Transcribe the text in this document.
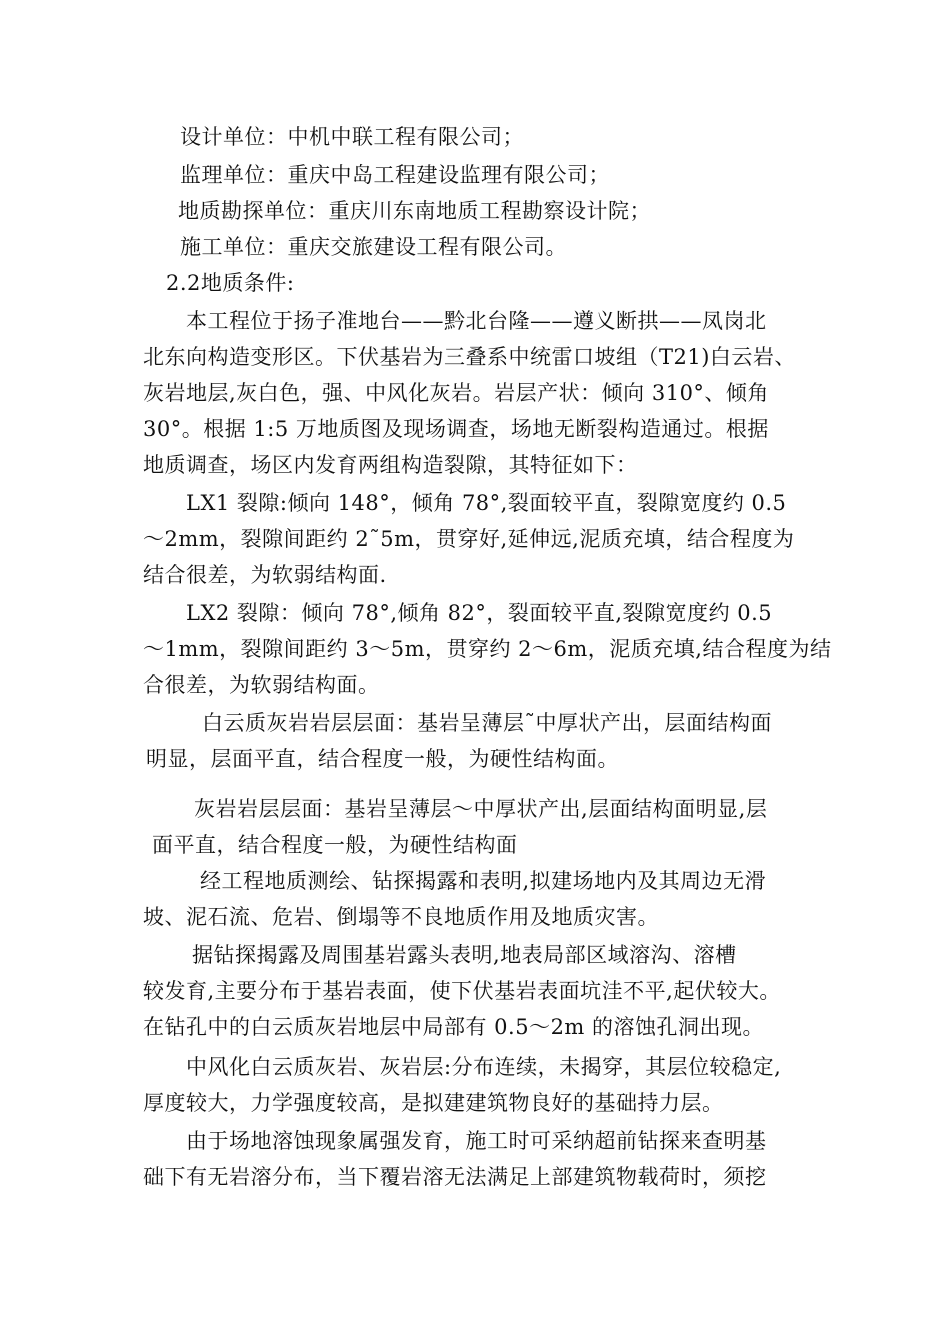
设计单位：中机中联工程有限公司；
监理单位：重庆中岛工程建设监理有限公司；
地质勘探单位：重庆川东南地质工程勘察设计院；
施工单位：重庆交旅建设工程有限公司。
2.2地质条件:
本工程位于扬子准地台——黔北台隆——遵义断拱——凤岗北
北东向构造变形区。下伏基岩为三叠系中统雷口坡组（T21)白云岩、
灰岩地层,灰白色，强、中风化灰岩。岩层产状：倾向 310°、倾角
30°。根据 1:5 万地质图及现场调查，场地无断裂构造通过。根据
地质调查，场区内发育两组构造裂隙，其特征如下：
LX1 裂隙:倾向 148°，倾角 78°,裂面较平直，裂隙宽度约 0.5
～2mm，裂隙间距约 2˜5m，贯穿好,延伸远,泥质充填，结合程度为
结合很差，为软弱结构面.
LX2 裂隙：倾向 78°,倾角 82°，裂面较平直,裂隙宽度约 0.5
～1mm，裂隙间距约 3～5m，贯穿约 2～6m，泥质充填,结合程度为结
合很差，为软弱结构面。
白云质灰岩岩层层面：基岩呈薄层˜中厚状产出，层面结构面
明显，层面平直，结合程度一般，为硬性结构面。
灰岩岩层层面：基岩呈薄层～中厚状产出,层面结构面明显,层
面平直，结合程度一般，为硬性结构面
经工程地质测绘、钻探揭露和表明,拟建场地内及其周边无滑
坡、泥石流、危岩、倒塌等不良地质作用及地质灾害。
据钻探揭露及周围基岩露头表明,地表局部区域溶沟、溶槽
较发育,主要分布于基岩表面，使下伏基岩表面坑洼不平,起伏较大。
在钻孔中的白云质灰岩地层中局部有 0.5～2m 的溶蚀孔洞出现。
中风化白云质灰岩、灰岩层:分布连续，未揭穿，其层位较稳定,
厚度较大，力学强度较高，是拟建建筑物良好的基础持力层。
由于场地溶蚀现象属强发育，施工时可采纳超前钻探来查明基
础下有无岩溶分布，当下覆岩溶无法满足上部建筑物载荷时，须挖
